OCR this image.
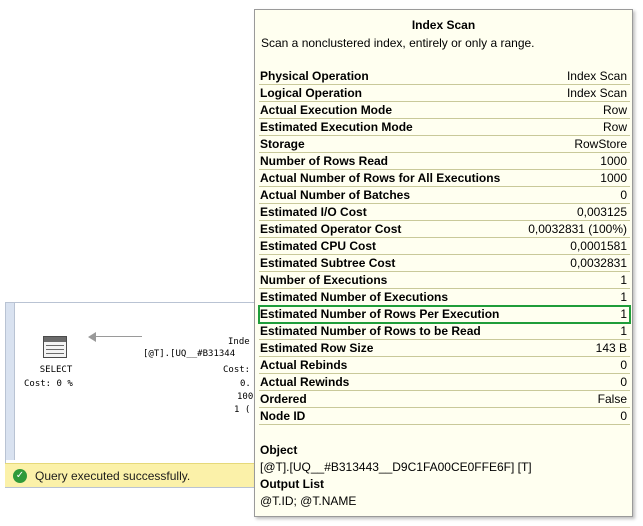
SELECT
Cost: 0 %
Inde
[@T].[UQ__#B31344
Cost:
0.
100
1 (
✓ Query executed successfully.
Index Scan
Scan a nonclustered index, entirely or only a range.
Physical Operation	Index Scan
Logical Operation	Index Scan
Actual Execution Mode	Row
Estimated Execution Mode	Row
Storage	RowStore
Number of Rows Read	1000
Actual Number of Rows for All Executions	1000
Actual Number of Batches	0
Estimated I/O Cost	0,003125
Estimated Operator Cost	0,0032831 (100%)
Estimated CPU Cost	0,0001581
Estimated Subtree Cost	0,0032831
Number of Executions	1
Estimated Number of Executions	1
Estimated Number of Rows Per Execution	1
Estimated Number of Rows to be Read	1
Estimated Row Size	143 B
Actual Rebinds	0
Actual Rewinds	0
Ordered	False
Node ID	0
Object
[@T].[UQ__#B313443__D9C1FA00CE0FFE6F] [T]
Output List
@T.ID; @T.NAME
